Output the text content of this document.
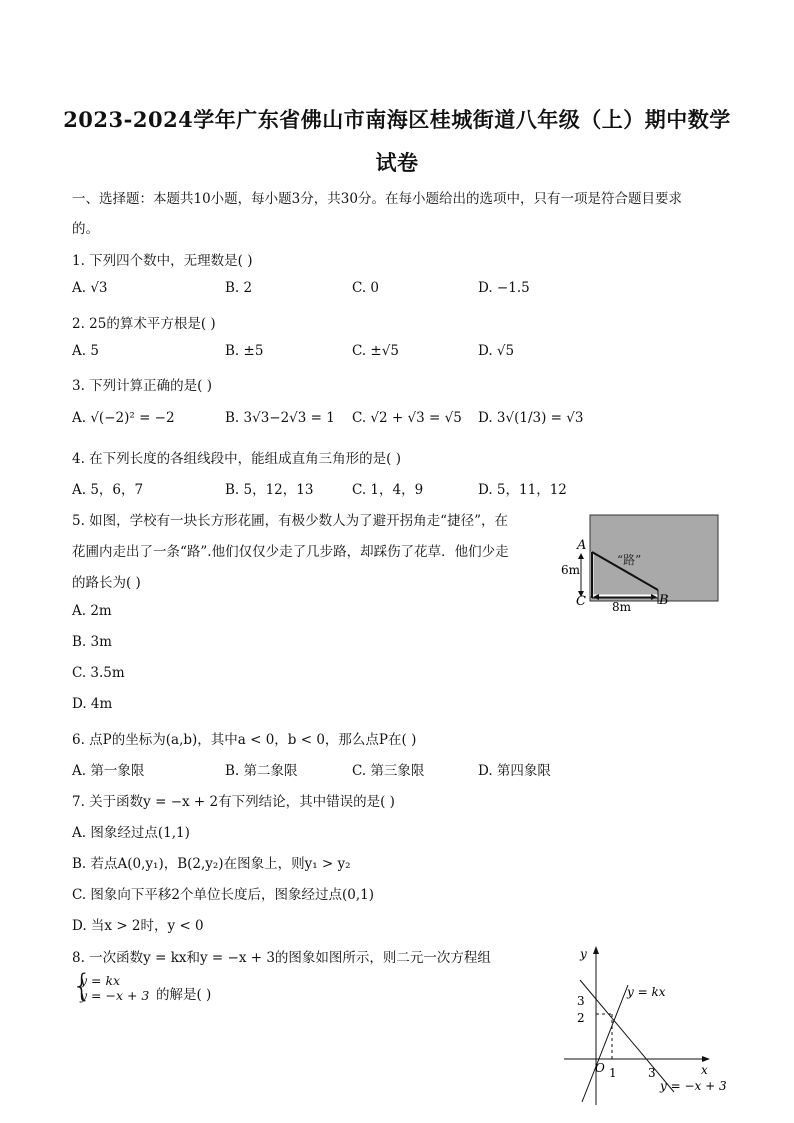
2023-2024学年广东省佛山市南海区桂城街道八年级（上）期中数学
试卷
一、选择题：本题共10小题，每小题3分，共30分。在每小题给出的选项中，只有一项是符合题目要求
的。
1. 下列四个数中，无理数是( )
A. √3	B. 2	C. 0	D. −1.5
2. 25的算术平方根是( )
A. 5	B. ±5	C. ±√5	D. √5
3. 下列计算正确的是( )
A. √(−2)² = −2	B. 3√3−2√3 = 1 C. √2 + √3 = √5 D. 3√(1/3) = √3
4. 在下列长度的各组线段中，能组成直角三角形的是( )
A. 5，6，7	B. 5，12，13	C. 1，4，9	D. 5，11，12
5. 如图，学校有一块长方形花圃，有极少数人为了避开拐角走“捷径”，在
花圃内走出了一条“路”.他们仅仅少走了几步路，却踩伤了花草．他们少走
的路长为( )
A. 2m
B. 3m
C. 3.5m
D. 4m
A
C	B
6m
8m
“路”
6. 点P的坐标为(a,b)，其中a < 0，b < 0，那么点P在( )
A. 第一象限	B. 第二象限	C. 第三象限	D. 第四象限
7. 关于函数y = −x + 2有下列结论，其中错误的是( )
A. 图象经过点(1,1)
B. 若点A(0,y₁)，B(2,y₂)在图象上，则y₁ > y₂
C. 图象向下平移2个单位长度后，图象经过点(0,1)
D. 当x > 2时，y < 0
8. 一次函数y = kx和y = −x + 3的图象如图所示，则二元一次方程组
{
y = kx
y = −x + 3 的解是( )
y
x
O 1	3
2
3
y = kx
y = −x + 3
